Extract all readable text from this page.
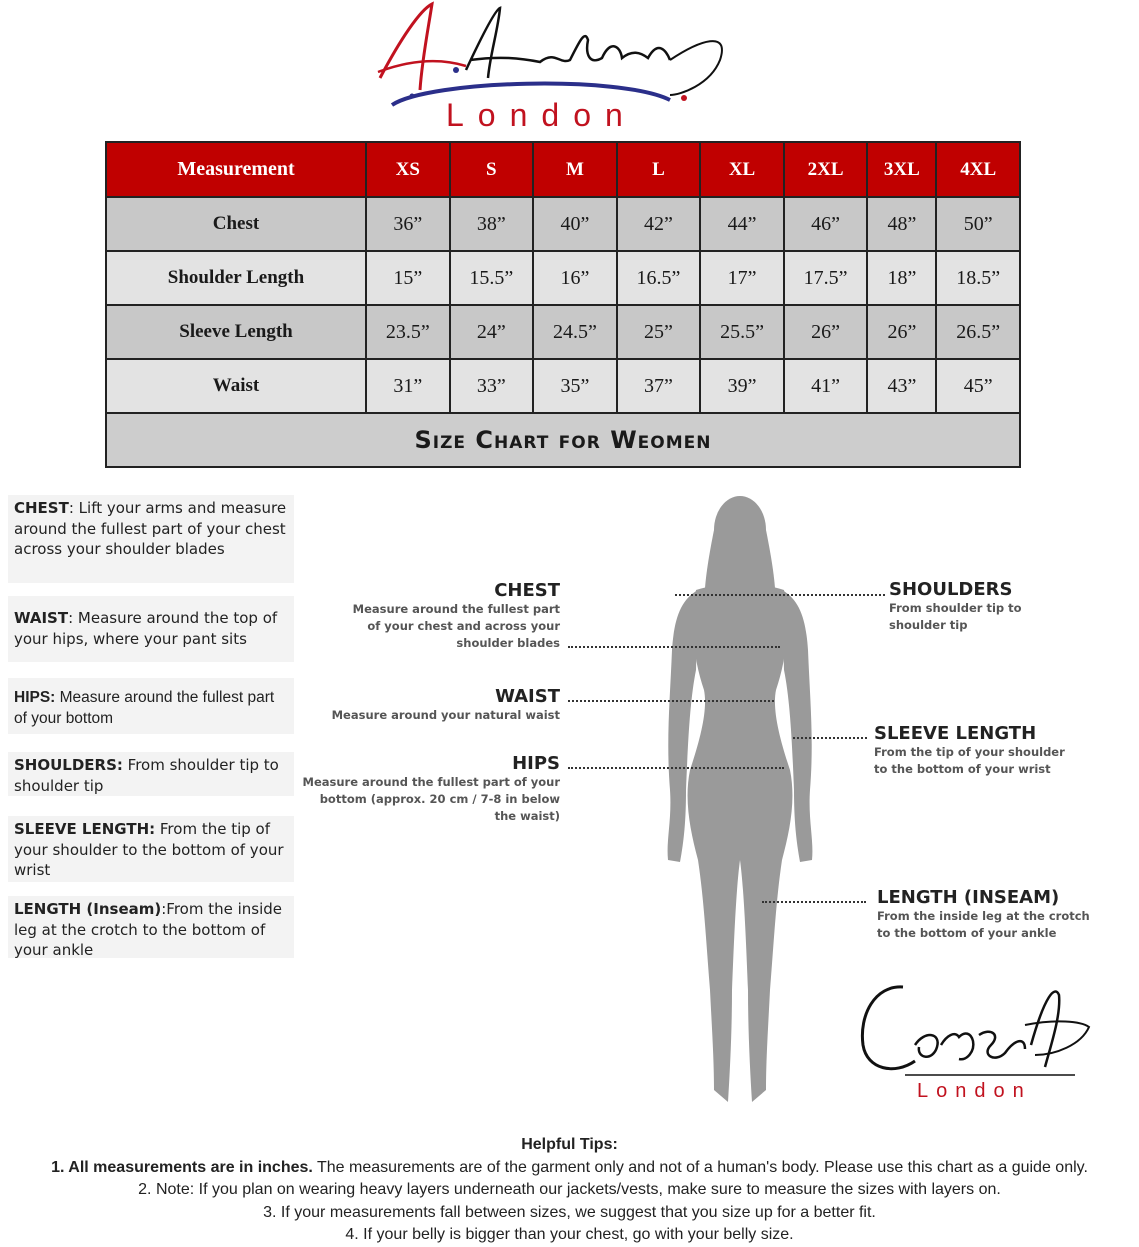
London
Measurement	XS	S	M	L	XL	2XL	3XL	4XL
Chest	36”	38”	40”	42”	44”	46”	48”	50”
Shoulder Length	15”	15.5”	16”	16.5”	17”	17.5”	18”	18.5”
Sleeve Length	23.5”	24”	24.5”	25”	25.5”	26”	26”	26.5”
Waist	31”	33”	35”	37”	39”	41”	43”	45”
Size Chart for Weomen								
CHEST: Lift your arms and measure around the fullest part of your chest across your shoulder blades
WAIST: Measure around the top of your hips, where your pant sits
HIPS: Measure around the fullest part of your bottom
SHOULDERS: From shoulder tip to shoulder tip
SLEEVE LENGTH: From the tip of your shoulder to the bottom of your wrist
LENGTH (Inseam):From the inside leg at the crotch to the bottom of your ankle
CHEST
Measure around the fullest part
of your chest and across your
shoulder blades
WAIST
Measure around your natural waist
HIPS
Measure around the fullest part of your
bottom (approx. 20 cm / 7-8 in below
the waist)
SHOULDERS
From shoulder tip to
shoulder tip
SLEEVE LENGTH
From the tip of your shoulder
to the bottom of your wrist
LENGTH (INSEAM)
From the inside leg at the crotch
to the bottom of your ankle
London
Helpful Tips:
1. All measurements are in inches. The measurements are of the garment only and not of a human's body. Please use this chart as a guide only.
2. Note: If you plan on wearing heavy layers underneath our jackets/vests, make sure to measure the sizes with layers on.
3. If your measurements fall between sizes, we suggest that you size up for a better fit.
4. If your belly is bigger than your chest, go with your belly size.
